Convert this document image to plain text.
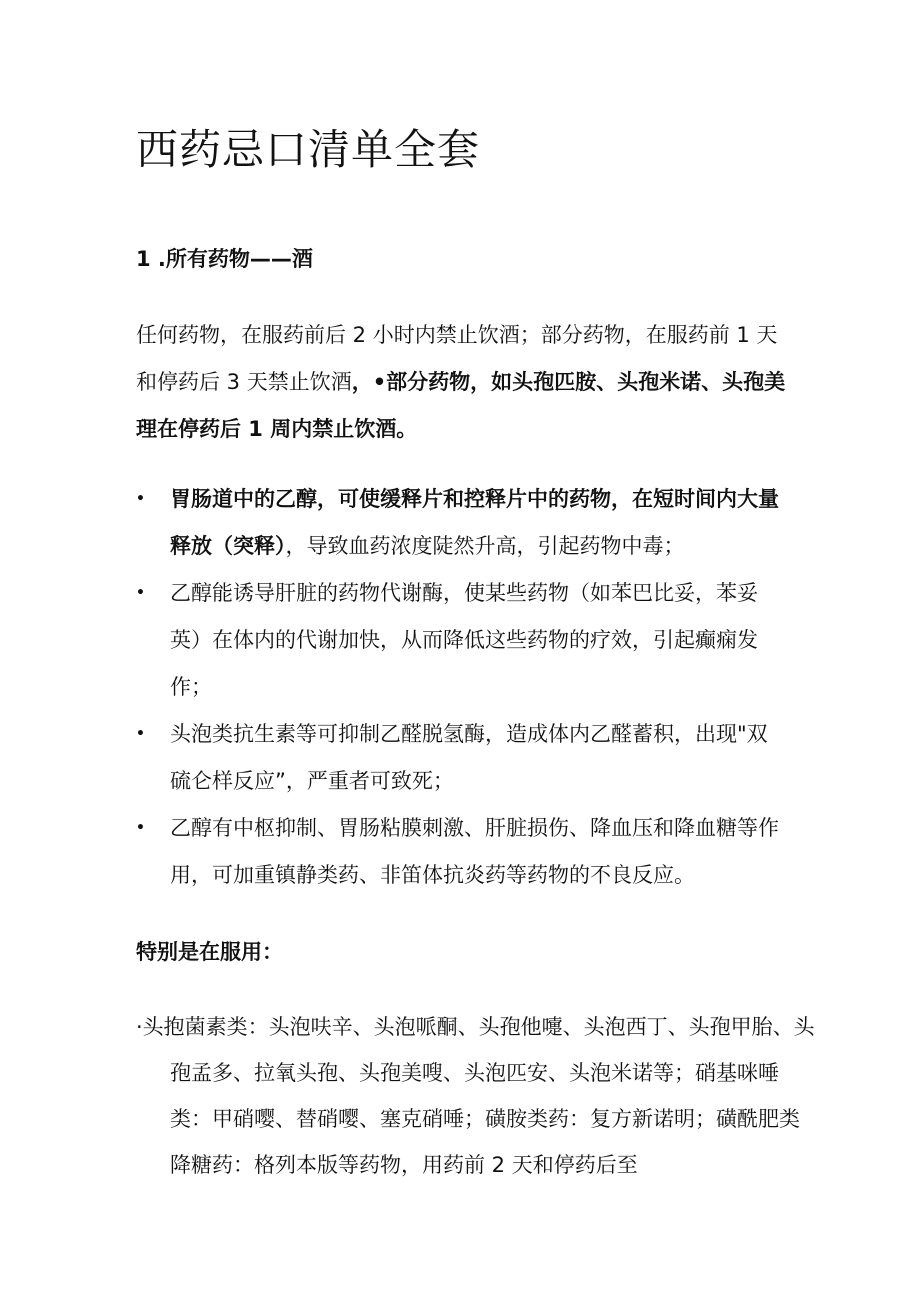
西药忌口清单全套
1 .所有药物——酒

任何药物，在服药前后 2 小时内禁止饮酒；部分药物，在服药前 1 天和停药后 3 天禁止饮酒，•部分药物，如头孢匹胺、头孢米诺、头孢美理在停药后 1 周内禁止饮酒。

• 胃肠道中的乙醇，可使缓释片和控释片中的药物，在短时间内大量释放（突释），导致血药浓度陡然升高，引起药物中毒；
• 乙醇能诱导肝脏的药物代谢酶，使某些药物（如苯巴比妥，苯妥英）在体内的代谢加快，从而降低这些药物的疗效，引起癫痫发作；
• 头泡类抗生素等可抑制乙醛脱氢酶，造成体内乙醛蓄积，出现"双硫仑样反应”，严重者可致死；
• 乙醇有中枢抑制、胃肠粘膜刺激、肝脏损伤、降血压和降血糖等作用，可加重镇静类药、非笛体抗炎药等药物的不良反应。
特别是在服用：

·头抱菌素类：头泡呋辛、头泡哌酮、头孢他嚏、头泡西丁、头孢甲胎、头孢孟多、拉氧头孢、头孢美嗖、头泡匹安、头泡米诺等；硝基咪唾类：甲硝嘤、替硝嘤、塞克硝唾；磺胺类药：复方新诺明；磺酰肥类降糖药：格列本版等药物，用药前 2 天和停药后至
